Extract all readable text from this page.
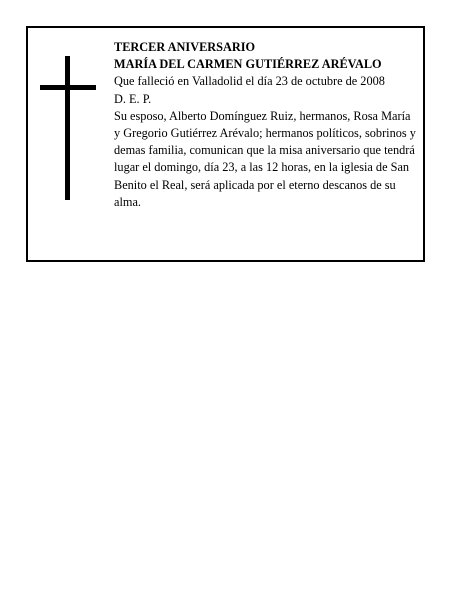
TERCER ANIVERSARIO
MARÍA DEL CARMEN GUTIÉRREZ ARÉVALO
Que falleció en Valladolid el día 23 de octubre de 2008
D. E. P.

Su esposo, Alberto Domínguez Ruiz, hermanos, Rosa María y Gregorio Gutiérrez Arévalo; hermanos políticos, sobrinos y demas familia, comunican que la misa aniversario que tendrá lugar el domingo, día 23, a las 12 horas, en la iglesia de San Benito el Real, será aplicada por el eterno descanos de su alma.
